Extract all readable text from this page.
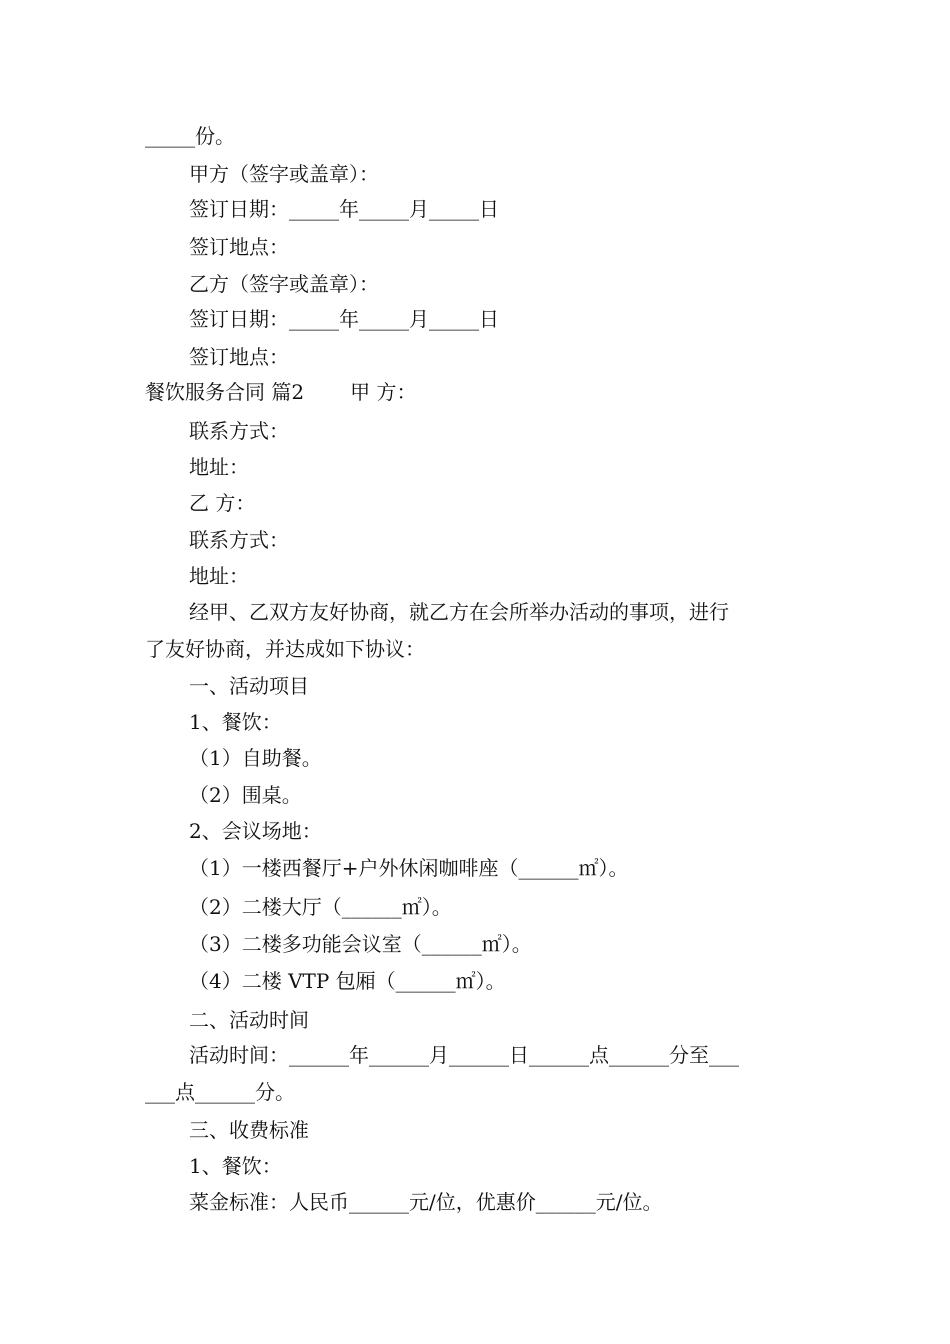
_____份。
甲方（签字或盖章）：
签订日期：_____年_____月_____日
签订地点：
乙方（签字或盖章）：
签订日期：_____年_____月_____日
签订地点：
餐饮服务合同 篇2 甲 方：
联系方式：
地址：
乙 方：
联系方式：
地址：
经甲、乙双方友好协商，就乙方在会所举办活动的事项，进行
了友好协商，并达成如下协议：
一、活动项目
1、餐饮：
（1）自助餐。
（2）围桌。
2、会议场地：
（1）一楼西餐厅+户外休闲咖啡座（______㎡）。
（2）二楼大厅（______㎡）。
（3）二楼多功能会议室（______㎡）。
（4）二楼 VTP 包厢（______㎡）。
二、活动时间
活动时间：______年______月______日______点______分至___
___点______分。
三、收费标准
1、餐饮：
菜金标准：人民币______元/位，优惠价______元/位。
